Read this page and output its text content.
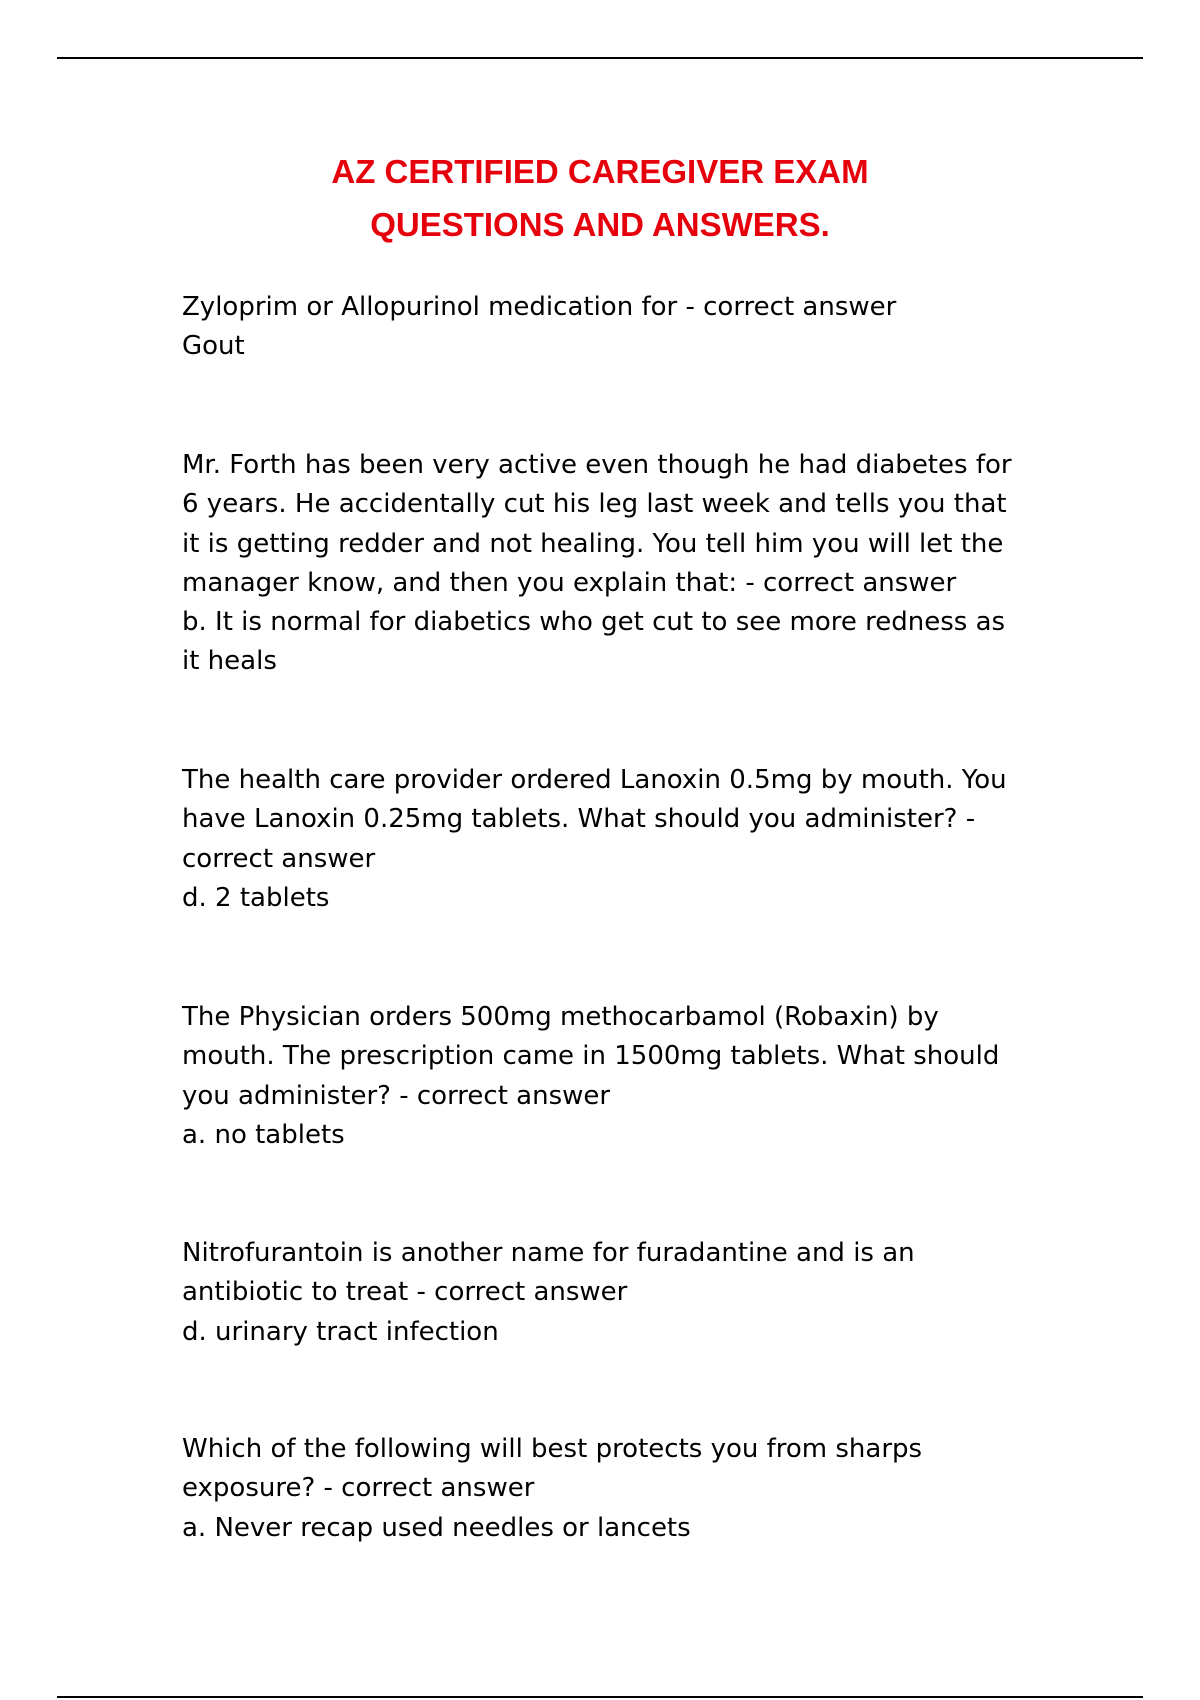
AZ CERTIFIED CAREGIVER EXAM
QUESTIONS AND ANSWERS.

Zyloprim or Allopurinol medication for - correct answer

Gout

Mr. Forth has been very active even though he had diabetes for

6 years. He accidentally cut his leg last week and tells you that

it is getting redder and not healing. You tell him you will let the

manager know, and then you explain that: - correct answer

b. It is normal for diabetics who get cut to see more redness as

it heals

The health care provider ordered Lanoxin 0.5mg by mouth. You

have Lanoxin 0.25mg tablets. What should you administer? -

correct answer

d. 2 tablets

The Physician orders 500mg methocarbamol (Robaxin) by

mouth. The prescription came in 1500mg tablets. What should

you administer? - correct answer

a. no tablets

Nitrofurantoin is another name for furadantine and is an

antibiotic to treat - correct answer

d. urinary tract infection

Which of the following will best protects you from sharps

exposure? - correct answer

a. Never recap used needles or lancets
